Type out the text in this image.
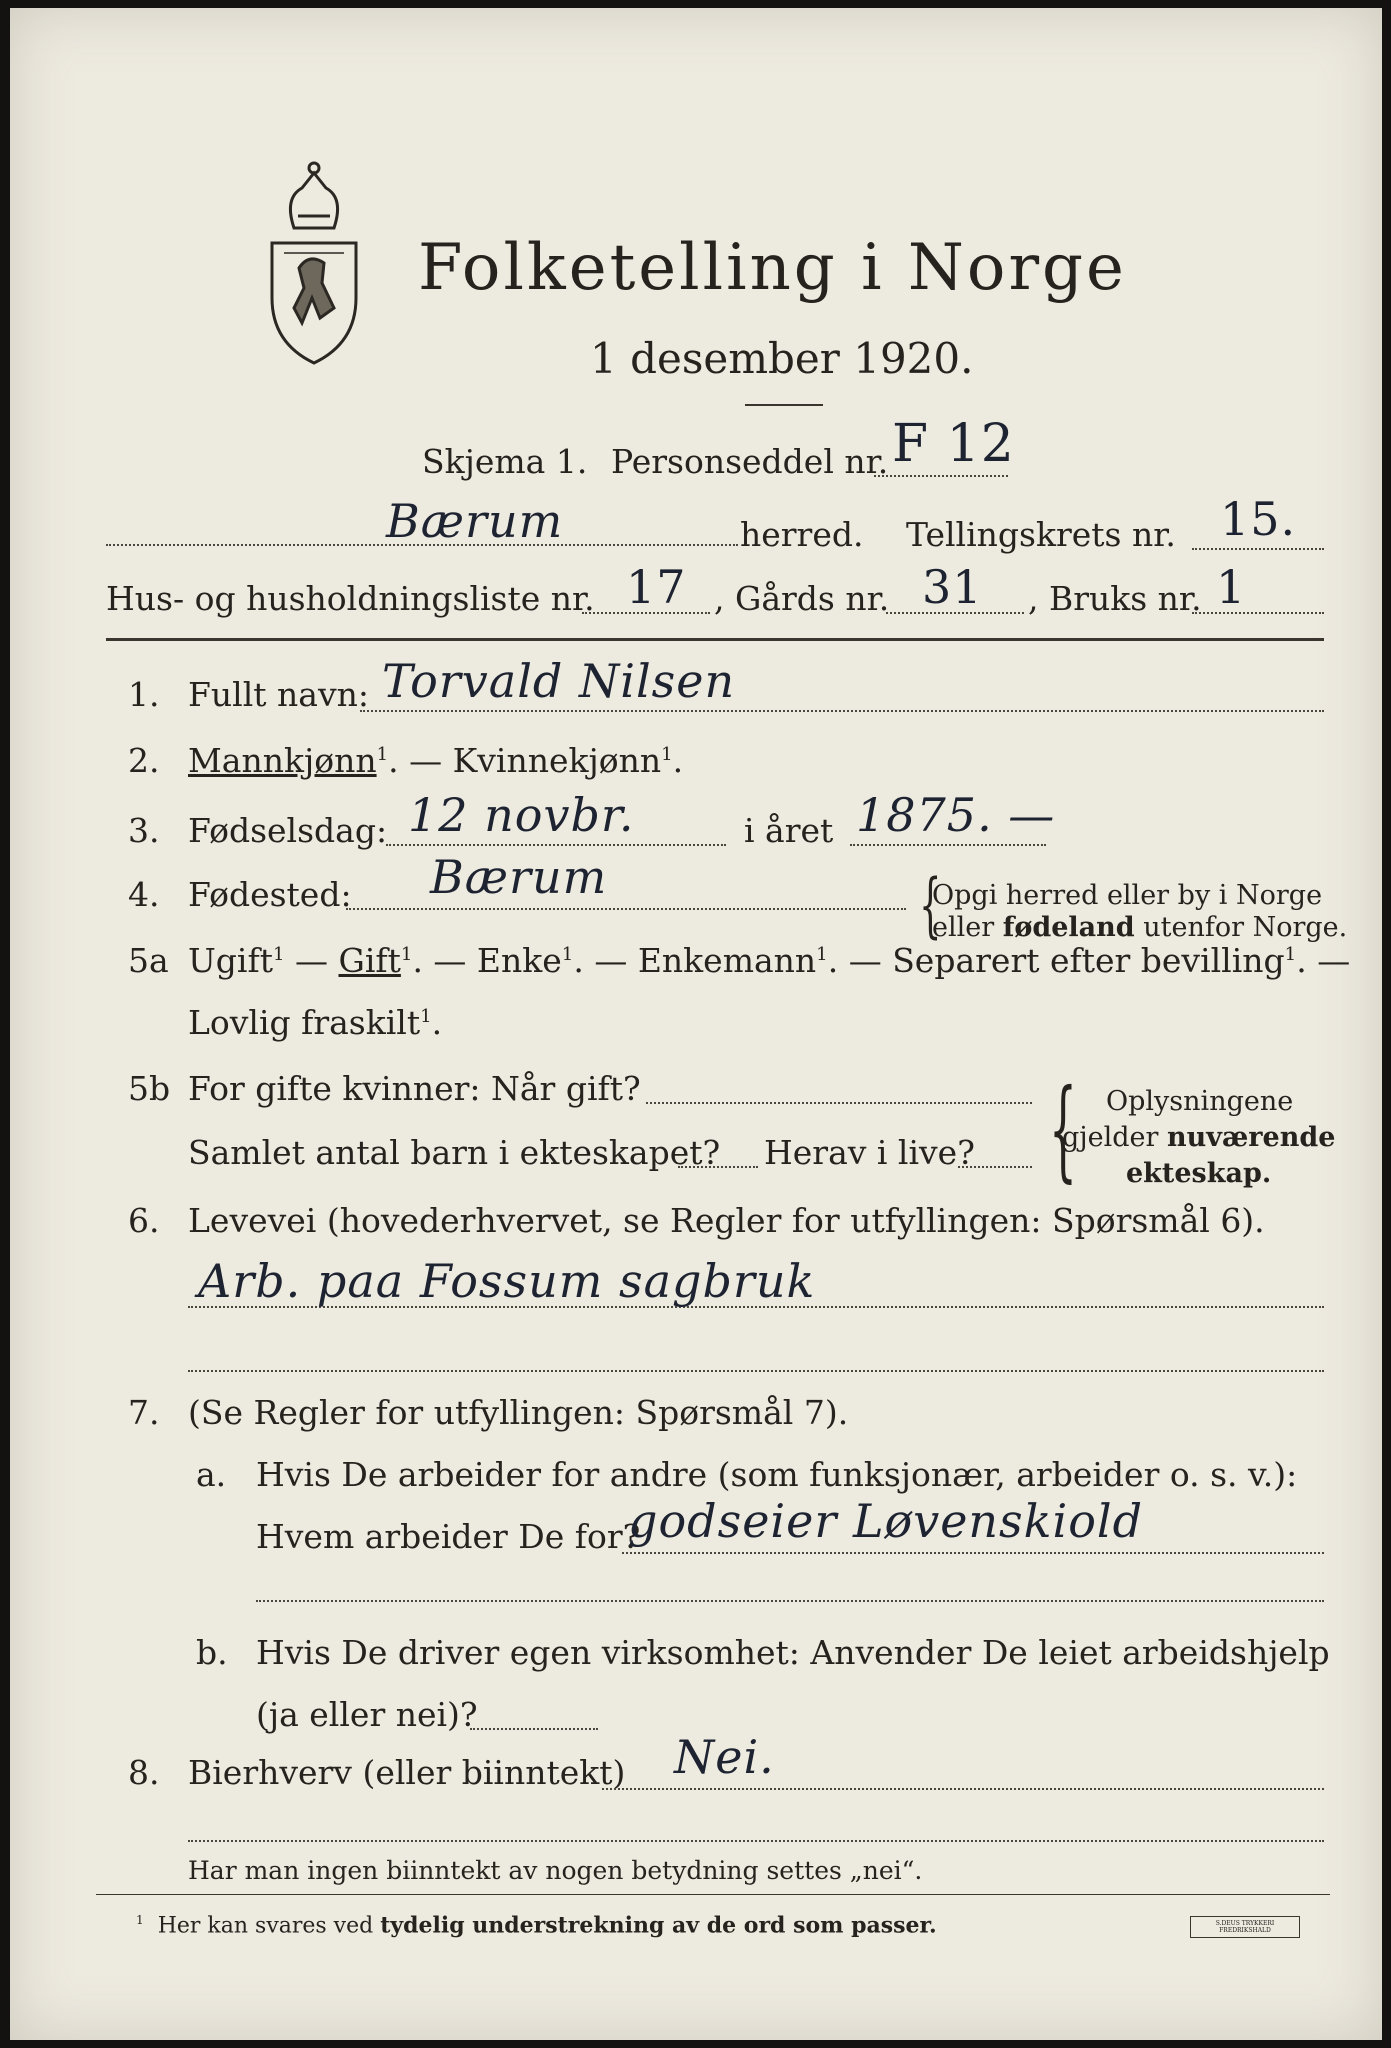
Folketelling i Norge
1 desember 1920.
Skjema 1. Personseddel nr. F 12
Bærum	herred. Tellingskrets nr. 15.
Hus- og husholdningsliste nr. 17 , Gårds nr. 31 , Bruks nr. 1
1. Fullt navn: Torvald Nilsen
2. Mannkjønn$^1$. — Kvinnekjønn$^1$.
3. Fødselsdag: 12 novbr.	i året 1875. —
4. Fødested: Bærum	{
Opgi herred eller by i Norge
eller fødeland utenfor Norge.
5a Ugift$^1$ — Gift$^1$. — Enke$^1$. — Enkemann$^1$. — Separert efter bevilling$^1$. —
Lovlig fraskilt$^1$.
5b For gifte kvinner: Når gift?
Samlet antal barn i ekteskapet? Herav i live? { Oplysningene
gjelder nuværende
ekteskap.
6. Levevei (hovederhvervet, se Regler for utfyllingen: Spørsmål 6).
Arb. paa Fossum sagbruk
7. (Se Regler for utfyllingen: Spørsmål 7).
a. Hvis De arbeider for andre (som funksjonær, arbeider o. s. v.):
Hvem arbeider De for?
godseier Løvenskiold
b. Hvis De driver egen virksomhet: Anvender De leiet arbeidshjelp
(ja eller nei)?
8. Bierhverv (eller biinntekt) Nei.
Har man ingen biinntekt av nogen betydning settes „nei“.
$^1$ Her kan svares ved tydelig understrekning av de ord som passer.	S.DEUS TRYKKERI FREDRIKSHALD
